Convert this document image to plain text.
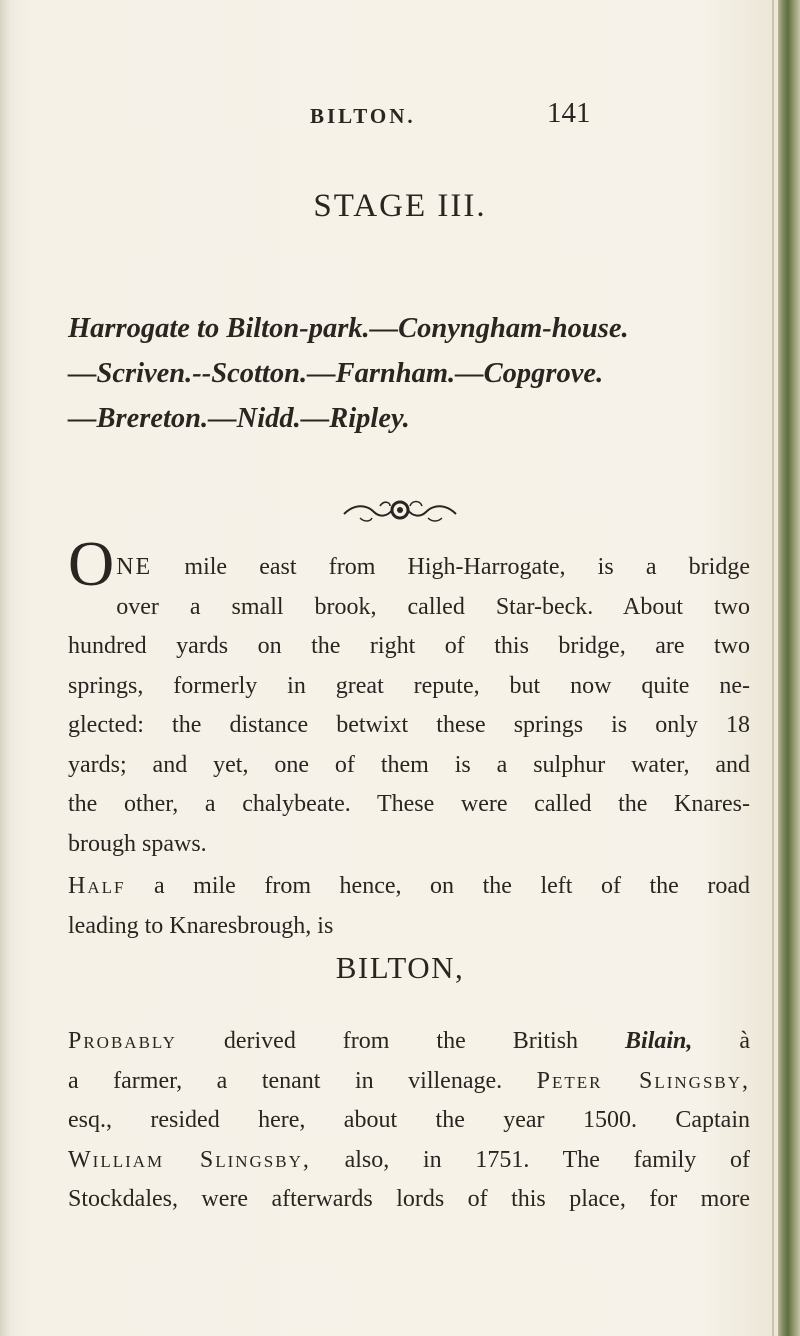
BILTON.	141
STAGE III.
Harrogate to Bilton-park.—Conyngham-house.
—Scriven.--Scotton.—Farnham.—Copgrove.
—Brereton.—Nidd.—Ripley.
O NE mile east from High-Harrogate, is a bridge
over a small brook, called Star-beck. About two
hundred yards on the right of this bridge, are two
springs, formerly in great repute, but now quite ne-
glected: the distance betwixt these springs is only 18
yards; and yet, one of them is a sulphur water, and
the other, a chalybeate. These were called the Knares-
brough spaws.
Half a mile from hence, on the left of the road
leading to Knaresbrough, is
BILTON,
Probably derived from the British Bilain, à
a farmer, a tenant in villenage. Peter Slingsby,
esq., resided here, about the year 1500. Captain
William Slingsby, also, in 1751. The family of
Stockdales, were afterwards lords of this place, for more
